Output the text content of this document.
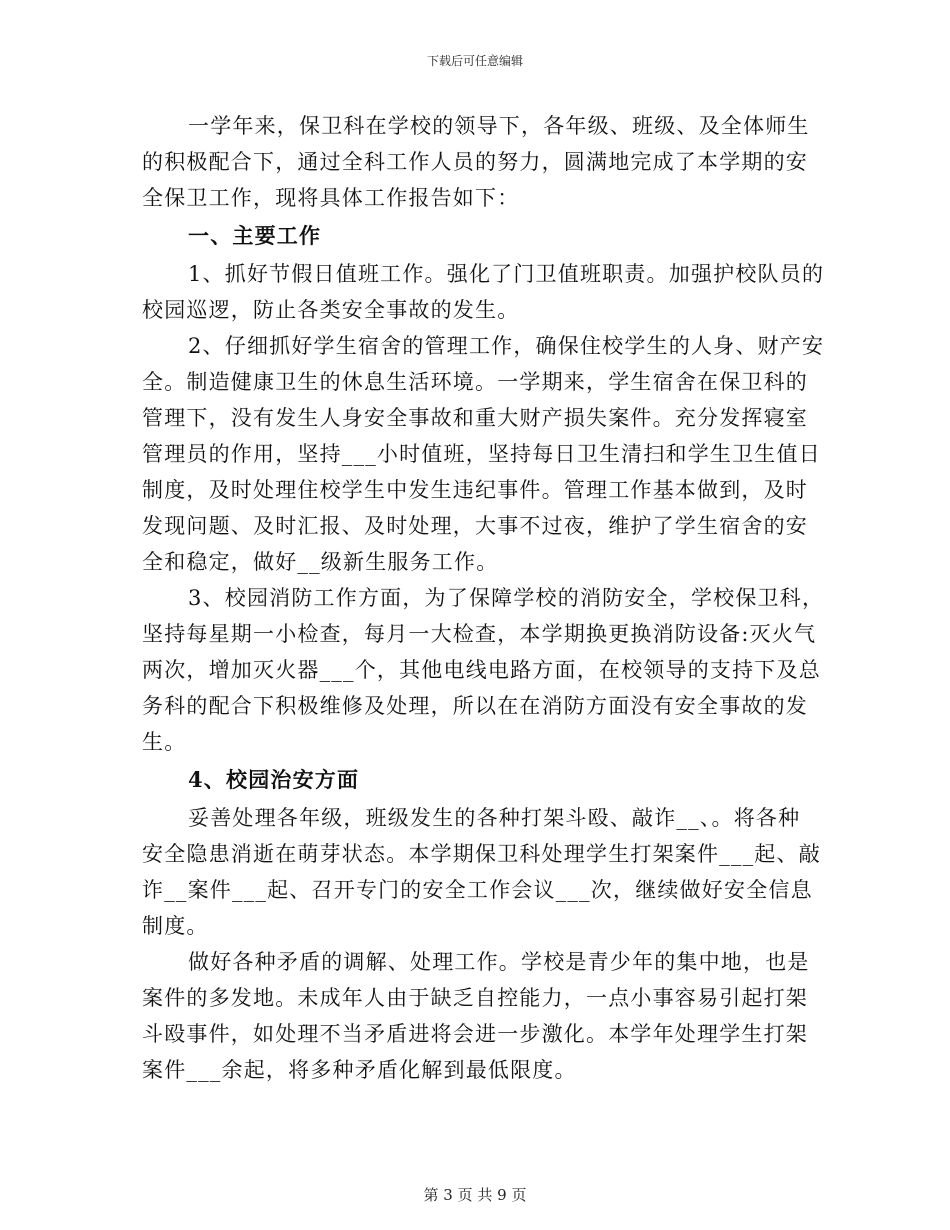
下载后可任意编辑
一学年来，保卫科在学校的领导下，各年级、班级、及全体师生
的积极配合下，通过全科工作人员的努力，圆满地完成了本学期的安
全保卫工作，现将具体工作报告如下：
一、主要工作
1、抓好节假日值班工作。强化了门卫值班职责。加强护校队员的
校园巡逻，防止各类安全事故的发生。
2、仔细抓好学生宿舍的管理工作，确保住校学生的人身、财产安
全。制造健康卫生的休息生活环境。一学期来，学生宿舍在保卫科的
管理下，没有发生人身安全事故和重大财产损失案件。充分发挥寝室
管理员的作用，坚持___小时值班，坚持每日卫生清扫和学生卫生值日
制度，及时处理住校学生中发生违纪事件。管理工作基本做到，及时
发现问题、及时汇报、及时处理，大事不过夜，维护了学生宿舍的安
全和稳定，做好__级新生服务工作。
3、校园消防工作方面，为了保障学校的消防安全，学校保卫科，
坚持每星期一小检查，每月一大检查，本学期换更换消防设备:灭火气
两次，增加灭火器___个，其他电线电路方面，在校领导的支持下及总
务科的配合下积极维修及处理，所以在在消防方面没有安全事故的发
生。
4、校园治安方面
妥善处理各年级，班级发生的各种打架斗殴、敲诈__、。将各种
安全隐患消逝在萌芽状态。本学期保卫科处理学生打架案件___起、敲
诈__案件___起、召开专门的安全工作会议___次，继续做好安全信息
制度。
做好各种矛盾的调解、处理工作。学校是青少年的集中地，也是
案件的多发地。未成年人由于缺乏自控能力，一点小事容易引起打架
斗殴事件，如处理不当矛盾进将会进一步激化。本学年处理学生打架
案件___余起，将多种矛盾化解到最低限度。
第 3 页 共 9 页
